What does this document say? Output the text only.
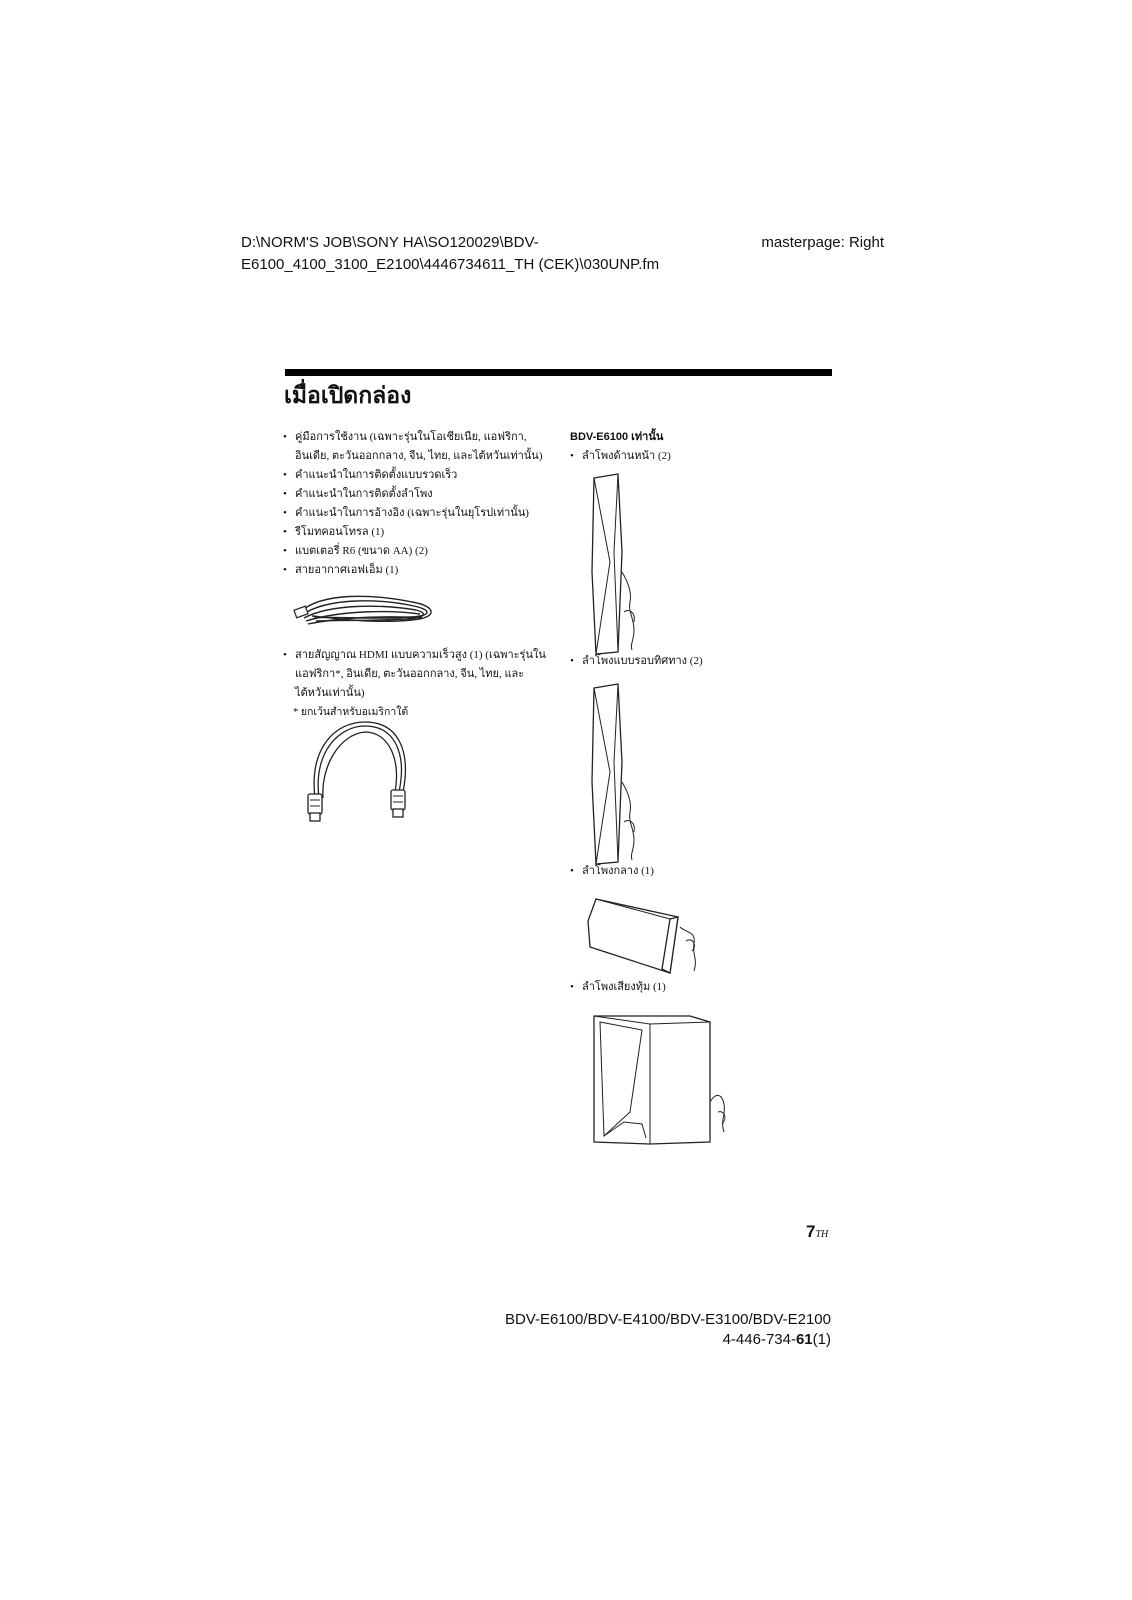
D:\NORM'S JOB\SONY HA\SO120029\BDV-
E6100_4100_3100_E2100\4446734611_TH (CEK)\030UNP.fm
masterpage: Right
เมื่อเปิดกล่อง
• คู่มือการใช้งาน (เฉพาะรุ่นในโอเชียเนีย, แอฟริกา, อินเดีย, ตะวันออกกลาง, จีน, ไทย, และไต้หวันเท่านั้น)
• คำแนะนำในการติดตั้งแบบรวดเร็ว
• คำแนะนำในการติดตั้งลำโพง
• คำแนะนำในการอ้างอิง (เฉพาะรุ่นในยุโรปเท่านั้น)
• รีโมทคอนโทรล (1)
• แบตเตอรี่ R6 (ขนาด AA) (2)
• สายอากาศเอฟเอ็ม (1)
• สายสัญญาณ HDMI แบบความเร็วสูง (1) (เฉพาะรุ่นในแอฟริกา*, อินเดีย, ตะวันออกกลาง, จีน, ไทย, และไต้หวันเท่านั้น)
* ยกเว้นสำหรับอเมริกาใต้
BDV-E6100 เท่านั้น
• ลำโพงด้านหน้า (2)
• ลำโพงแบบรอบทิศทาง (2)
• ลำโพงกลาง (1)
• ลำโพงเสียงทุ้ม (1)
7TH
BDV-E6100/BDV-E4100/BDV-E3100/BDV-E2100
4-446-734-61(1)
